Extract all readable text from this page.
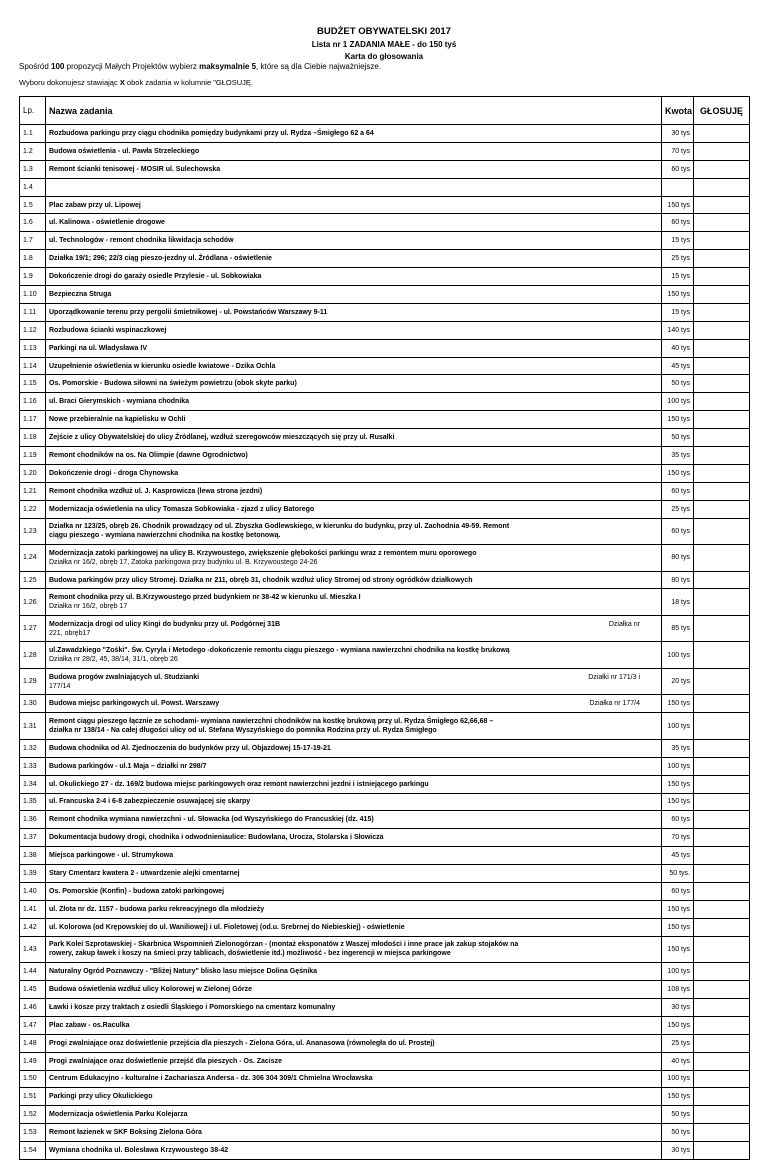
BUDŻET OBYWATELSKI 2017
Lista nr 1 ZADANIA MAŁE - do 150 tyś
Karta do głosowania
Spośród 100 propozycji Małych Projektów wybierz maksymalnie 5, które są dla Ciebie najważniejsze.
Wyboru dokonujesz stawiając X obok zadania w kolumnie "GŁOSUJĘ.
Lp.	Nazwa zadania	Kwota	GŁOSUJĘ
1.1	Rozbudowa parkingu przy ciągu chodnika pomiędzy budynkami przy ul. Rydza –Śmigłego 62 a 64	30 tys	
1.2	Budowa oświetlenia - ul. Pawła Strzeleckiego	70 tys	
1.3	Remont ścianki tenisowej - MOSIR ul. Sulechowska	60 tys	
1.4			
1.5	Plac zabaw przy ul. Lipowej	150 tys	
1.6	ul. Kalinowa - oświetlenie drogowe	60 tys	
1.7	ul. Technologów - remont chodnika likwidacja schodów	15 tys	
1.8	Działka 19/1; 296; 22/3 ciąg pieszo-jezdny ul. Źródlana - oświetlenie	25 tys	
1.9	Dokończenie drogi do garaży osiedle Przylesie - ul. Sobkowiaka	15 tys	
1.10	Bezpieczna Struga	150 tys	
1.11	Uporządkowanie terenu przy pergolii śmietnikowej - ul. Powstańców Warszawy 9-11	15 tys	
1.12	Rozbudowa ścianki wspinaczkowej	140 tys	
1.13	Parkingi na ul. Władysława IV	40 tys	
1.14	Uzupełnienie oświetlenia w kierunku osiedle kwiatowe - Dzika Ochla	45 tys	
1.15	Os. Pomorskie - Budowa siłowni na świeżym powietrzu (obok skyte parku)	50 tys	
1.16	ul. Braci Gierymskich - wymiana chodnika	100 tys	
1.17	Nowe przebieralnie na kąpielisku w Ochli	150 tys	
1.18	Zejście z ulicy Obywatelskiej do ulicy Źródlanej, wzdłuż szeregowców mieszczących się przy ul. Rusałki	50 tys	
1.19	Remont chodników na os. Na Olimpie (dawne Ogrodnictwo)	35 tys	
1.20	Dokończenie drogi - droga Chynowska	150 tys	
1.21	Remont chodnika wzdłuż ul. J. Kasprowicza (lewa strona jezdni)	60 tys	
1.22	Modernizacja oświetlenia na ulicy Tomasza Sobkowiaka - zjazd z ulicy Batorego	25 tys	
1.23	Działka nr 123/25, obręb 26. Chodnik prowadzący od ul. Zbyszka Godlewskiego, w kierunku do budynku, przy ul. Zachodnia 49-59. Remont
ciągu pieszego - wymiana nawierzchni chodnika na kostkę betonową.	60 tys	
1.24	Modernizacja zatoki parkingowej na ulicy B. Krzywoustego, zwiększenie głębokości parkingu wraz z remontem muru oporowego
Działka nr 16/2, obręb 17, Zatoka parkingowa przy budynku ul. B. Krzywoustego 24-26	80 tys	
1.25	Budowa parkingów przy ulicy Stromej. Działka nr 211, obręb 31, chodnik wzdłuż ulicy Stromej od strony ogródków działkowych	80 tys	
1.26	Remont chodnika przy ul. B.Krzywoustego przed budynkiem nr 38-42 w kierunku ul. Mieszka I
Działka nr 16/2, obręb 17	18 tys	
1.27	Modernizacja drogi od ulicy Kingi do budynku przy ul. Podgórnej 31B Działka nr
221, obręb17	85 tys	
1.28	ul.Zawadzkiego "Zośki". Św. Cyryla i Metodego -dokończenie remontu ciągu pieszego - wymiana nawierzchni chodnika na kostkę brukową
Działka nr 28/2, 45, 38/14, 31/1, obręb 26	100 tys	
1.29	Budowa progów zwalniających ul. Studzianki Działki nr 171/3 i
177/14	20 tys	
1.30	Budowa miejsc parkingowych ul. Powst. Warszawy Działka nr 177/4	150 tys	
1.31	Remont ciągu pieszego łącznie ze schodami- wymiana nawierzchni chodników na kostkę brukową przy ul. Rydza Śmigłego 62,66,68 –
działka nr 138/14 - Na całej długości ulicy od ul. Stefana Wyszyńskiego do pomnika Rodzina przy ul. Rydza Śmigłego	100 tys	
1.32	Budowa chodnika od Al. Zjednoczenia do budynków przy ul. Objazdowej 15-17-19-21	35 tys	
1.33	Budowa parkingów - ul.1 Maja – działki nr 298/7	100 tys	
1.34	ul. Okulickiego 27 - dz. 169/2 budowa miejsc parkingowych oraz remont nawierzchni jezdni i istniejącego parkingu	150 tys	
1.35	ul. Francuska 2-4 i 6-8 zabezpieczenie osuwającej się skarpy	150 tys	
1.36	Remont chodnika wymiana nawierzchni - ul. Słowacka (od Wyszyńskiego do Francuskiej (dz. 415)	60 tys	
1.37	Dokumentacja budowy drogi, chodnika i odwodnieniaulice: Budowlana, Urocza, Stolarska i Słowicza	70 tys	
1.38	Miejsca parkingowe - ul. Strumykowa	45 tys	
1.39	Stary Cmentarz kwatera 2 - utwardzenie alejki cmentarnej	50 tys.	
1.40	Os. Pomorskie (Konfin) - budowa zatoki parkingowej	60 tys	
1.41	ul. Złota nr dz. 1157 - budowa parku rekreacyjnego dla młodzieży	150 tys	
1.42	ul. Kolorowa (od Krępowskiej do ul. Waniliowej) i ul. Fioletowej (od.u. Srebrnej do Niebieskiej) - oświetlenie	150 tys	
1.43	Park Kolei Szprotawskiej - Skarbnica Wspomnień Zielonogórzan - (montaż eksponatów z Waszej młodości i inne prace jak zakup stojaków na
rowery, zakup ławek i koszy na śmieci przy tablicach, doświetlenie itd.) możliwość - bez ingerencji w miejsca parkingowe	150 tys	
1.44	Naturalny Ogród Poznawczy - "Bliżej Natury" blisko lasu miejsce Dolina Gęśnika	100 tys	
1.45	Budowa oświetlenia wzdłuż ulicy Kolorowej w Zielonej Górze	108 tys	
1.46	Ławki i kosze przy traktach z osiedli Śląskiego i Pomorskiego na cmentarz komunalny	30 tys	
1.47	Plac zabaw - os.Raculka	150 tys	
1.48	Progi zwalniające oraz doświetlenie przejścia dla pieszych - Zielona Góra, ul. Ananasowa (równoległa do ul. Prostej)	25 tys	
1.49	Progi zwalniające oraz doświetlenie przejść dla pieszych - Os. Zacisze	40 tys	
1.50	Centrum Edukacyjno - kulturalne i Zachariasza Andersa - dz. 306 304 309/1 Chmielna Wrocławska	100 tys	
1.51	Parkingi przy ulicy Okulickiego	150 tys	
1.52	Modernizacja oświetlenia Parku Kolejarza	50 tys	
1.53	Remont łazienek w SKF Boksing Zielona Góra	50 tys	
1.54	Wymiana chodnika ul. Bolesława Krzywoustego 38-42	30 tys	
